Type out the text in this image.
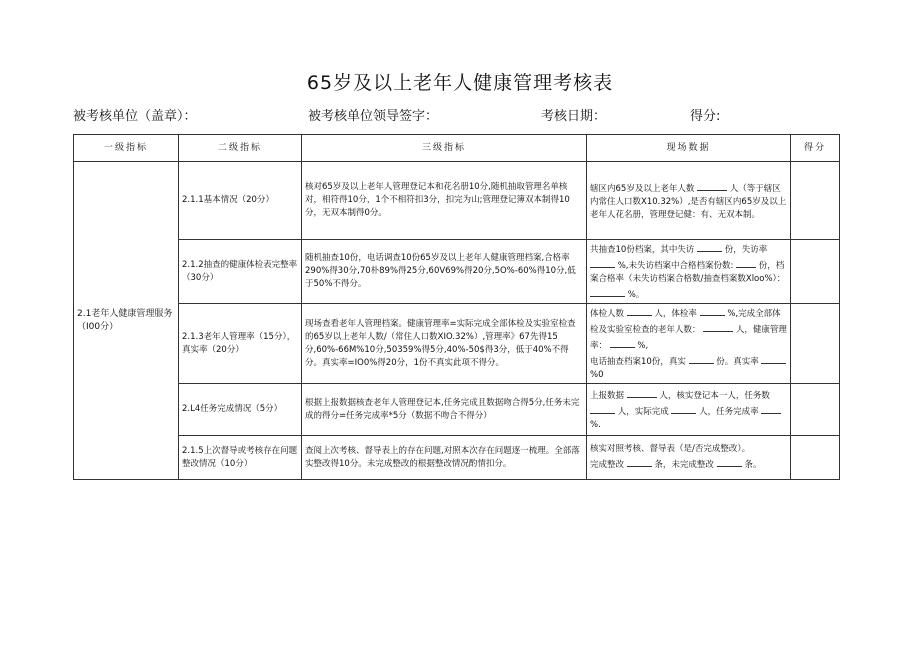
65岁及以上老年人健康管理考核表
被考核单位（盖章）：	被考核单位领导签字：	考核日期：	得分:
一级指标	二级指标	三级指标	现场数据	得分
2.1老年人健康管理服务（I00分）	2.1.1基本情况（20分）	核对65岁及以上老年人管理登记本和花名册10分,随机抽取管理名单核对，相符得10分，1个不相符扣3分，扣完为山;管理登记簿双本制得10分，无双本制得0分。	辖区内65岁及以上老年人数 人（等于辖区内常住人口数X10.32%）,是否有辖区内65岁及以上老年人花名册，管理登记健：有、无双本制。	
	2.1.2抽查的健康体检表完整率（30分）	随机抽查10份，电话调查10份65岁及以上老年人健康管理档案,合格率290%得30分,70朴89%得25分,60V69%得20分,5O%-60%得10分,低于50%不得分。	共抽查10份档案，其中失访 份，失访率  %,未失访档案中合格档案份数: 份，档案合格率（未失访档案合格数/抽查档案数Xloo%）：  %。	
	2.1.3老年人管理率（15分），真实率（20分）	现场查看老年人管理档案。健康管理率=实际完成全部体检及实验室检查的65岁以上老年人数/（常住人口数XIO.32%）,管理率》67先得15分,60%-66M%10分,50359%得5分,40%-50$得3分，低于40%不得分。真实率=IO0%得20分，1份不真实此项不得分。	体检人数 人，体检率 %,完成全部体检及实验室检查的老年人数： 人，健康管理率： %,
电话抽查档案10份，真实 份。真实率  %0	
	2.L4任务完成情况（5分）	根据上报数据核查老年人管理登记本,任务完成且数据吻合得5分,任务未完成的得分=任务完成率*5分（数据不吻合不得分）	上报数据 人，核实登记本一人，任务数  人，实际完成 人，任务完成率  %.	
	2.1.5上次督导或考核存在问题整改情况（10分）	查阅上次考核、督导表上的存在问题,对照本次存在问题逐一梳理。全部落实整改得10分。未完成整改的根据整改情况酌情扣分。	核实对照考核、督导表（是/否完成整改）。
完成整改 条，未完成整改 条。	
